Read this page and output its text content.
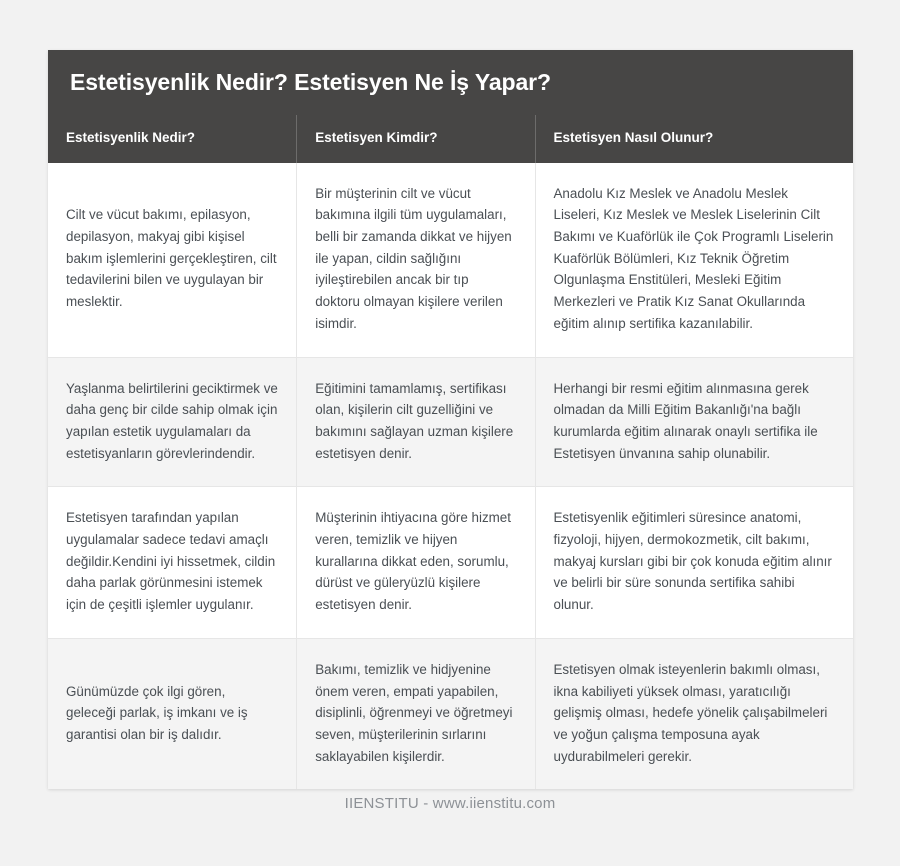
Estetisyenlik Nedir? Estetisyen Ne İş Yapar?
Estetisyenlik Nedir?	Estetisyen Kimdir?	Estetisyen Nasıl Olunur?
Cilt ve vücut bakımı, epilasyon, depilasyon, makyaj gibi kişisel bakım işlemlerini gerçekleştiren, cilt tedavilerini bilen ve uygulayan bir meslektir.	Bir müşterinin cilt ve vücut bakımına ilgili tüm uygulamaları, belli bir zamanda dikkat ve hijyen ile yapan, cildin sağlığını iyileştirebilen ancak bir tıp doktoru olmayan kişilere verilen isimdir.	Anadolu Kız Meslek ve Anadolu Meslek Liseleri, Kız Meslek ve Meslek Liselerinin Cilt Bakımı ve Kuaförlük ile Çok Programlı Liselerin Kuaförlük Bölümleri, Kız Teknik Öğretim Olgunlaşma Enstitüleri, Mesleki Eğitim Merkezleri ve Pratik Kız Sanat Okullarında eğitim alınıp sertifika kazanılabilir.
Yaşlanma belirtilerini geciktirmek ve daha genç bir cilde sahip olmak için yapılan estetik uygulamaları da estetisyanların görevlerindendir.	Eğitimini tamamlamış, sertifikası olan, kişilerin cilt guzelliğini ve bakımını sağlayan uzman kişilere estetisyen denir.	Herhangi bir resmi eğitim alınmasına gerek olmadan da Milli Eğitim Bakanlığı'na bağlı kurumlarda eğitim alınarak onaylı sertifika ile Estetisyen ünvanına sahip olunabilir.
Estetisyen tarafından yapılan uygulamalar sadece tedavi amaçlı değildir.Kendini iyi hissetmek, cildin daha parlak görünmesini istemek için de çeşitli işlemler uygulanır.	Müşterinin ihtiyacına göre hizmet veren, temizlik ve hijyen kurallarına dikkat eden, sorumlu, dürüst ve güleryüzlü kişilere estetisyen denir.	Estetisyenlik eğitimleri süresince anatomi, fizyoloji, hijyen, dermokozmetik, cilt bakımı, makyaj kursları gibi bir çok konuda eğitim alınır ve belirli bir süre sonunda sertifika sahibi olunur.
Günümüzde çok ilgi gören, geleceği parlak, iş imkanı ve iş garantisi olan bir iş dalıdır.	Bakımı, temizlik ve hidjyenine önem veren, empati yapabilen, disiplinli, öğrenmeyi ve öğretmeyi seven, müşterilerinin sırlarını saklayabilen kişilerdir.	Estetisyen olmak isteyenlerin bakımlı olması, ikna kabiliyeti yüksek olması, yaratıcılığı gelişmiş olması, hedefe yönelik çalışabilmeleri ve yoğun çalışma temposuna ayak uydurabilmeleri gerekir.
IIENSTITU - www.iienstitu.com
